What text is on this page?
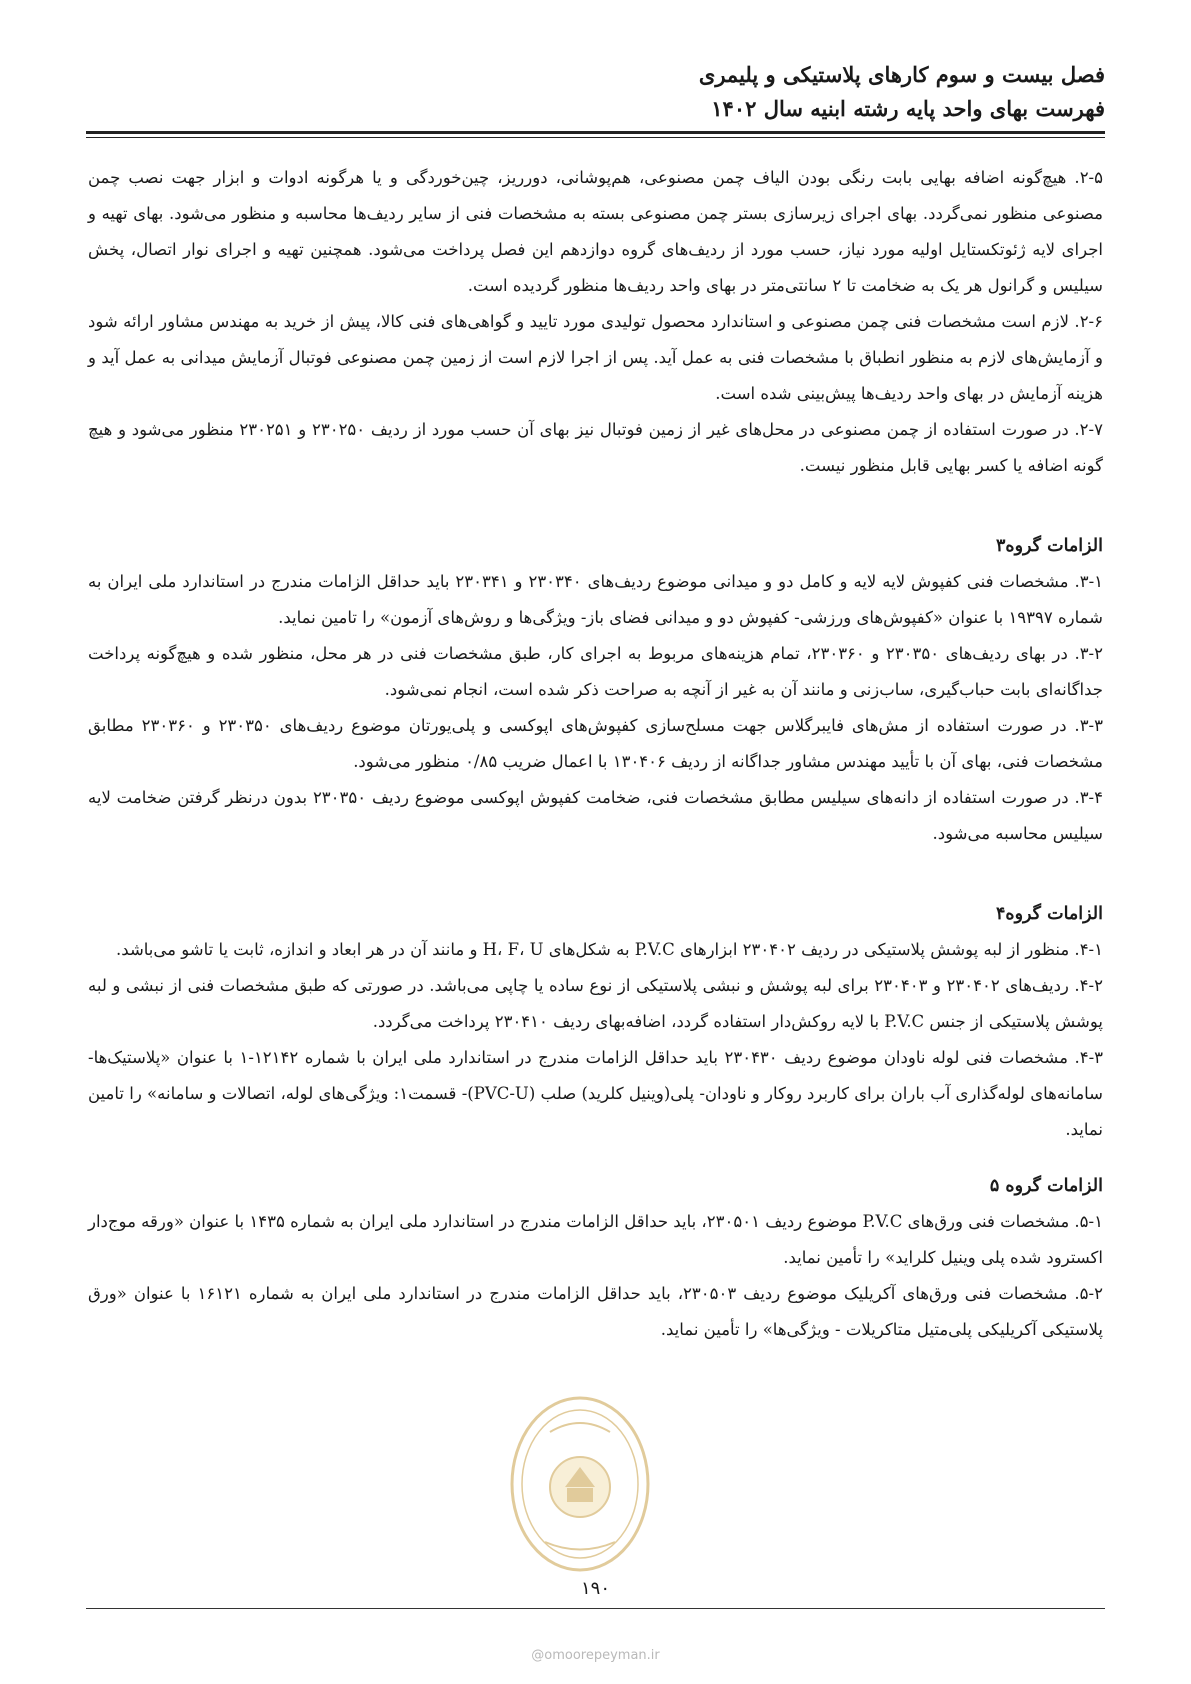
فصل بیست و سوم کارهای پلاستیکی و پلیمری

فهرست بهای واحد پایه رشته ابنیه سال ۱۴۰۲

۲-۵. هیچ‌گونه اضافه بهایی بابت رنگی بودن الیاف چمن مصنوعی، هم‌پوشانی، دورریز، چین‌خوردگی و یا هرگونه ادوات و ابزار جهت نصب چمن مصنوعی منظور نمی‌گردد. بهای اجرای زیرسازی بستر چمن مصنوعی بسته به مشخصات فنی از سایر ردیف‌ها محاسبه و منظور می‌شود. بهای تهیه و اجرای لایه ژئوتکستایل اولیه مورد نیاز، حسب مورد از ردیف‌های گروه دوازدهم این فصل پرداخت می‌شود. همچنین تهیه و اجرای نوار اتصال، پخش سیلیس و گرانول هر یک به ضخامت تا ۲ سانتی‌متر در بهای واحد ردیف‌ها منظور گردیده است.

۲-۶. لازم است مشخصات فنی چمن مصنوعی و استاندارد محصول تولیدی مورد تایید و گواهی‌های فنی کالا، پیش از خرید به مهندس مشاور ارائه شود و آزمایش‌های لازم به منظور انطباق با مشخصات فنی به عمل آید. پس از اجرا لازم است از زمین چمن مصنوعی فوتبال آزمایش میدانی به عمل آید و هزینه آزمایش در بهای واحد ردیف‌ها پیش‌بینی شده است.

۲-۷. در صورت استفاده از چمن مصنوعی در محل‌های غیر از زمین فوتبال نیز بهای آن حسب مورد از ردیف ۲۳۰۲۵۰ و ۲۳۰۲۵۱ منظور می‌شود و هیچ گونه اضافه یا کسر بهایی قابل منظور نیست.

الزامات گروه۳

۳-۱. مشخصات فنی کفپوش لایه لایه و کامل دو و میدانی موضوع ردیف‌های ۲۳۰۳۴۰ و ۲۳۰۳۴۱ باید حداقل الزامات مندرج در استاندارد ملی ایران به شماره ۱۹۳۹۷ با عنوان «کفپوش‌های ورزشی- کفپوش دو و میدانی فضای باز- ویژگی‌ها و روش‌های آزمون» را تامین نماید.

۳-۲. در بهای ردیف‌های ۲۳۰۳۵۰ و ۲۳۰۳۶۰، تمام هزینه‌های مربوط به اجرای کار، طبق مشخصات فنی در هر محل، منظور شده و هیچ‌گونه پرداخت جداگانه‌ای بابت حباب‌گیری، ساب‌زنی و مانند آن به غیر از آنچه به صراحت ذکر شده است، انجام نمی‌شود.

۳-۳. در صورت استفاده از مش‌های فایبرگلاس جهت مسلح‌سازی کفپوش‌های اپوکسی و پلی‌یورتان موضوع ردیف‌های ۲۳۰۳۵۰ و ۲۳۰۳۶۰ مطابق مشخصات فنی، بهای آن با تأیید مهندس مشاور جداگانه از ردیف ۱۳۰۴۰۶ با اعمال ضریب ۰/۸۵ منظور می‌شود.

۳-۴. در صورت استفاده از دانه‌های سیلیس مطابق مشخصات فنی، ضخامت کفپوش اپوکسی موضوع ردیف ۲۳۰۳۵۰ بدون درنظر گرفتن ضخامت لایه سیلیس محاسبه می‌شود.

الزامات گروه۴

۴-۱. منظور از لبه پوشش پلاستیکی در ردیف ۲۳۰۴۰۲ ابزارهای P.V.C به شکل‌های H، F، U و مانند آن در هر ابعاد و اندازه، ثابت یا تاشو می‌باشد.

۴-۲. ردیف‌های ۲۳۰۴۰۲ و ۲۳۰۴۰۳ برای لبه پوشش و نبشی پلاستیکی از نوع ساده یا چاپی می‌باشد. در صورتی که طبق مشخصات فنی از نبشی و لبه پوشش پلاستیکی از جنس P.V.C با لایه روکش‌دار استفاده گردد، اضافه‌بهای ردیف ۲۳۰۴۱۰ پرداخت می‌گردد.

۴-۳. مشخصات فنی لوله ناودان موضوع ردیف ۲۳۰۴۳۰ باید حداقل الزامات مندرج در استاندارد ملی ایران با شماره ۱۲۱۴۲-۱ با عنوان «پلاستیک‌ها- سامانه‌های لوله‌گذاری آب باران برای کاربرد روکار و ناودان- پلی(وینیل کلرید) صلب (PVC-U)- قسمت۱: ویژگی‌های لوله، اتصالات و سامانه» را تامین نماید.

الزامات گروه ۵

۵-۱. مشخصات فنی ورق‌های P.V.C موضوع ردیف ۲۳۰۵۰۱، باید حداقل الزامات مندرج در استاندارد ملی ایران به شماره ۱۴۳۵ با عنوان «ورقه موج‌دار اکسترود شده پلی وینیل کلراید» را تأمین نماید.

۵-۲. مشخصات فنی ورق‌های آکریلیک موضوع ردیف ۲۳۰۵۰۳، باید حداقل الزامات مندرج در استاندارد ملی ایران به شماره ۱۶۱۲۱ با عنوان «ورق پلاستیکی آکریلیکی پلی‌متیل متاکریلات - ویژگی‌ها» را تأمین نماید.

۱۹۰
@omoorepeyman.ir
